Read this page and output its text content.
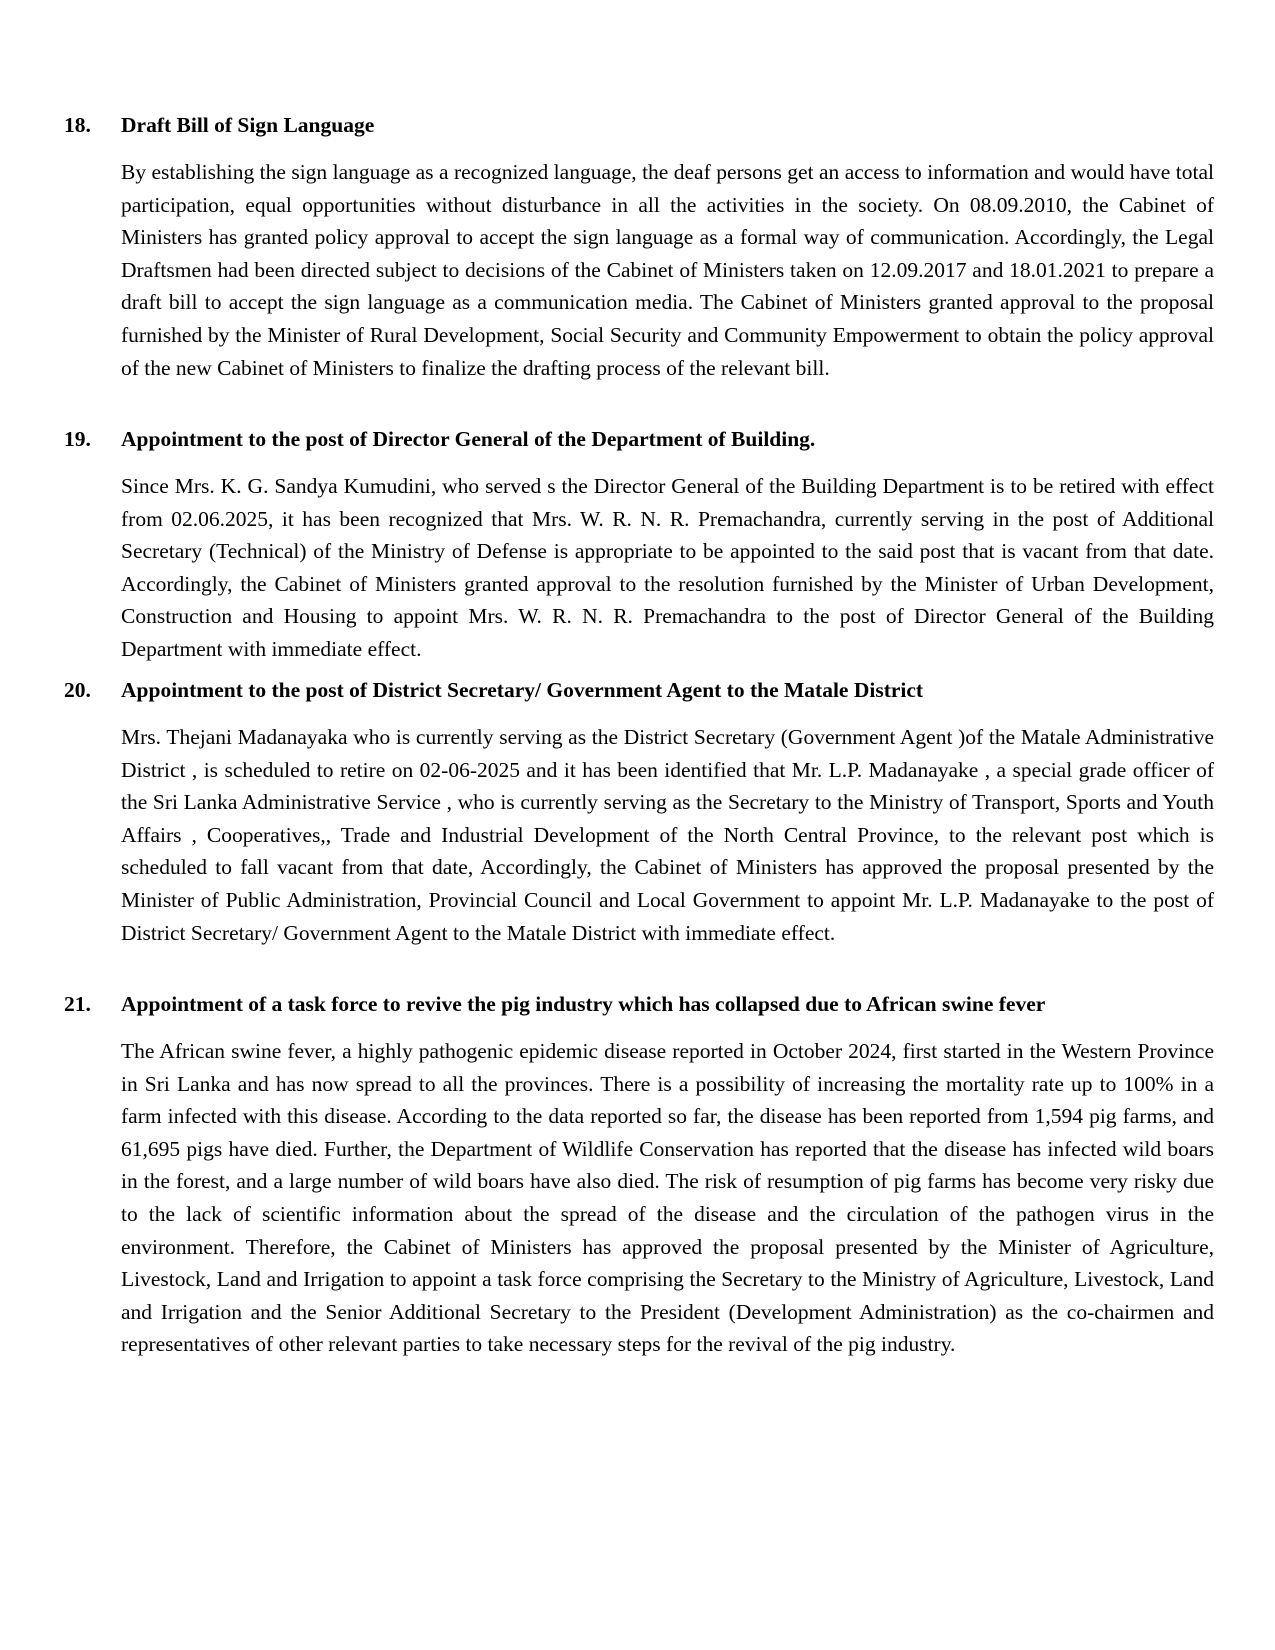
18.	Draft Bill of Sign Language
By establishing the sign language as a recognized language, the deaf persons get an access to information and would have total participation, equal opportunities without disturbance in all the activities in the society. On 08.09.2010, the Cabinet of Ministers has granted policy approval to accept the sign language as a formal way of communication. Accordingly, the Legal Draftsmen had been directed subject to decisions of the Cabinet of Ministers taken on 12.09.2017 and 18.01.2021 to prepare a draft bill to accept the sign language as a communication media. The Cabinet of Ministers granted approval to the proposal furnished by the Minister of Rural Development, Social Security and Community Empowerment to obtain the policy approval of the new Cabinet of Ministers to finalize the drafting process of the relevant bill.
19.	Appointment to the post of Director General of the Department of Building.
Since Mrs. K. G. Sandya Kumudini, who served s the Director General of the Building Department is to be retired with effect from 02.06.2025, it has been recognized that Mrs. W. R. N. R. Premachandra, currently serving in the post of Additional Secretary (Technical) of the Ministry of Defense is appropriate to be appointed to the said post that is vacant from that date. Accordingly, the Cabinet of Ministers granted approval to the resolution furnished by the Minister of Urban Development, Construction and Housing to appoint Mrs. W. R. N. R. Premachandra to the post of Director General of the Building Department with immediate effect.
20.	Appointment to the post of District Secretary/ Government Agent to the Matale District
Mrs. Thejani Madanayaka who is currently serving as the District Secretary (Government Agent )of the Matale Administrative District , is scheduled to retire on 02-06-2025 and it has been identified that Mr. L.P. Madanayake , a special grade officer of the Sri Lanka Administrative Service , who is currently serving as the Secretary to the Ministry of Transport, Sports and Youth Affairs , Cooperatives,, Trade and Industrial Development of the North Central Province, to the relevant post which is scheduled to fall vacant from that date, Accordingly, the Cabinet of Ministers has approved the proposal presented by the Minister of Public Administration, Provincial Council and Local Government to appoint Mr. L.P. Madanayake to the post of District Secretary/ Government Agent to the Matale District with immediate effect.
21.	Appointment of a task force to revive the pig industry which has collapsed due to African swine fever
The African swine fever, a highly pathogenic epidemic disease reported in October 2024, first started in the Western Province in Sri Lanka and has now spread to all the provinces. There is a possibility of increasing the mortality rate up to 100% in a farm infected with this disease. According to the data reported so far, the disease has been reported from 1,594 pig farms, and 61,695 pigs have died. Further, the Department of Wildlife Conservation has reported that the disease has infected wild boars in the forest, and a large number of wild boars have also died. The risk of resumption of pig farms has become very risky due to the lack of scientific information about the spread of the disease and the circulation of the pathogen virus in the environment. Therefore, the Cabinet of Ministers has approved the proposal presented by the Minister of Agriculture, Livestock, Land and Irrigation to appoint a task force comprising the Secretary to the Ministry of Agriculture, Livestock, Land and Irrigation and the Senior Additional Secretary to the President (Development Administration) as the co-chairmen and representatives of other relevant parties to take necessary steps for the revival of the pig industry.
